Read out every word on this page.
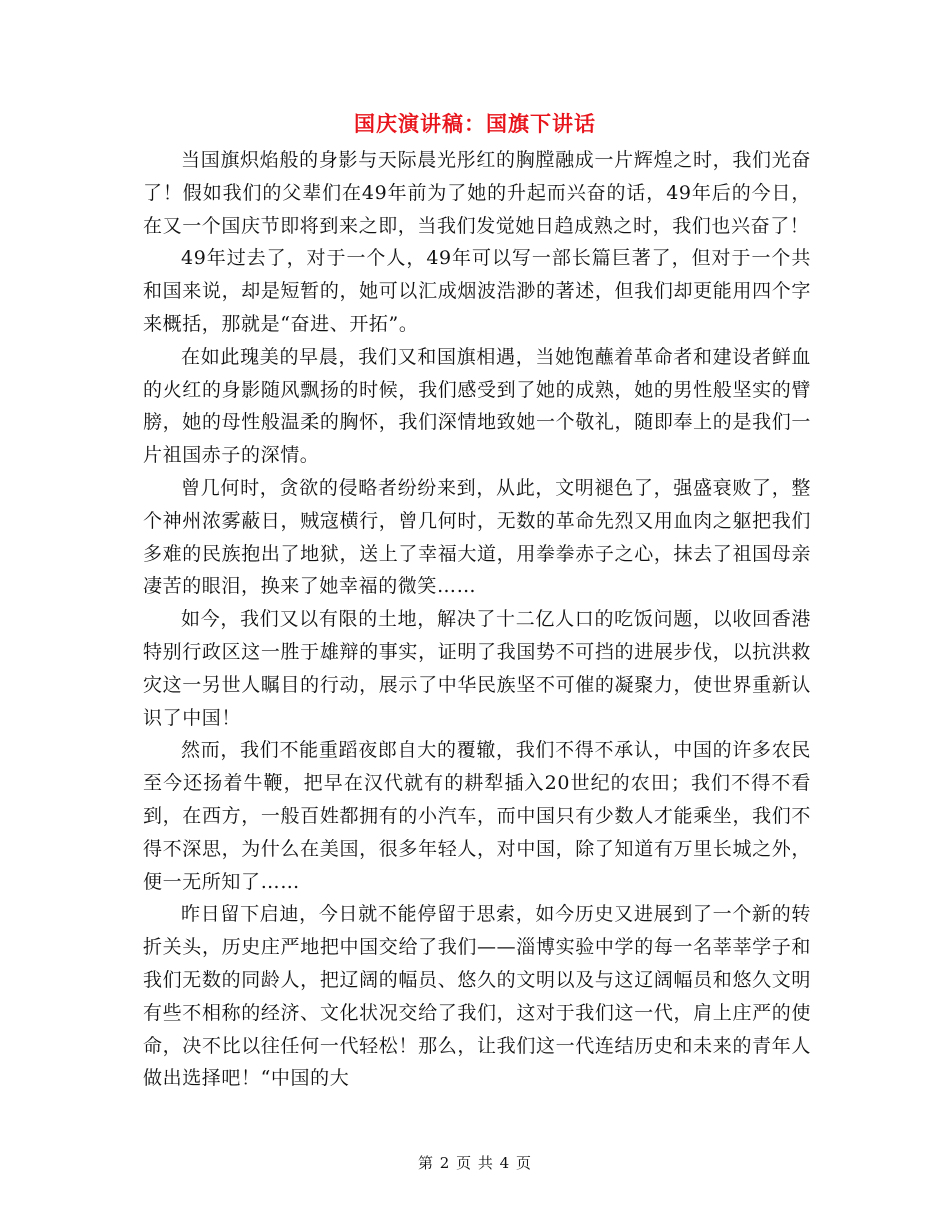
国庆演讲稿：国旗下讲话

当国旗炽焰般的身影与天际晨光彤红的胸膛融成一片辉煌之时，我们光奋了！假如我们的父辈们在49年前为了她的升起而兴奋的话，49年后的今日，在又一个国庆节即将到来之即，当我们发觉她日趋成熟之时，我们也兴奋了！

49年过去了，对于一个人，49年可以写一部长篇巨著了，但对于一个共和国来说，却是短暂的，她可以汇成烟波浩渺的著述，但我们却更能用四个字来概括，那就是“奋进、开拓”。

在如此瑰美的早晨，我们又和国旗相遇，当她饱蘸着革命者和建设者鲜血的火红的身影随风飘扬的时候，我们感受到了她的成熟，她的男性般坚实的臂膀，她的母性般温柔的胸怀，我们深情地致她一个敬礼，随即奉上的是我们一片祖国赤子的深情。

曾几何时，贪欲的侵略者纷纷来到，从此，文明褪色了，强盛衰败了，整个神州浓雾蔽日，贼寇横行，曾几何时，无数的革命先烈又用血肉之躯把我们多难的民族抱出了地狱，送上了幸福大道，用拳拳赤子之心，抹去了祖国母亲凄苦的眼泪，换来了她幸福的微笑……

如今，我们又以有限的土地，解决了十二亿人口的吃饭问题，以收回香港特别行政区这一胜于雄辩的事实，证明了我国势不可挡的进展步伐，以抗洪救灾这一另世人瞩目的行动，展示了中华民族坚不可催的凝聚力，使世界重新认识了中国！

然而，我们不能重蹈夜郎自大的覆辙，我们不得不承认，中国的许多农民至今还扬着牛鞭，把早在汉代就有的耕犁插入20世纪的农田；我们不得不看到，在西方，一般百姓都拥有的小汽车，而中国只有少数人才能乘坐，我们不得不深思，为什么在美国，很多年轻人，对中国，除了知道有万里长城之外，便一无所知了……

昨日留下启迪，今日就不能停留于思索，如今历史又进展到了一个新的转折关头，历史庄严地把中国交给了我们——淄博实验中学的每一名莘莘学子和我们无数的同龄人，把辽阔的幅员、悠久的文明以及与这辽阔幅员和悠久文明有些不相称的经济、文化状况交给了我们，这对于我们这一代，肩上庄严的使命，决不比以往任何一代轻松！那么，让我们这一代连结历史和未来的青年人做出选择吧！“中国的大

第 2 页 共 4 页
